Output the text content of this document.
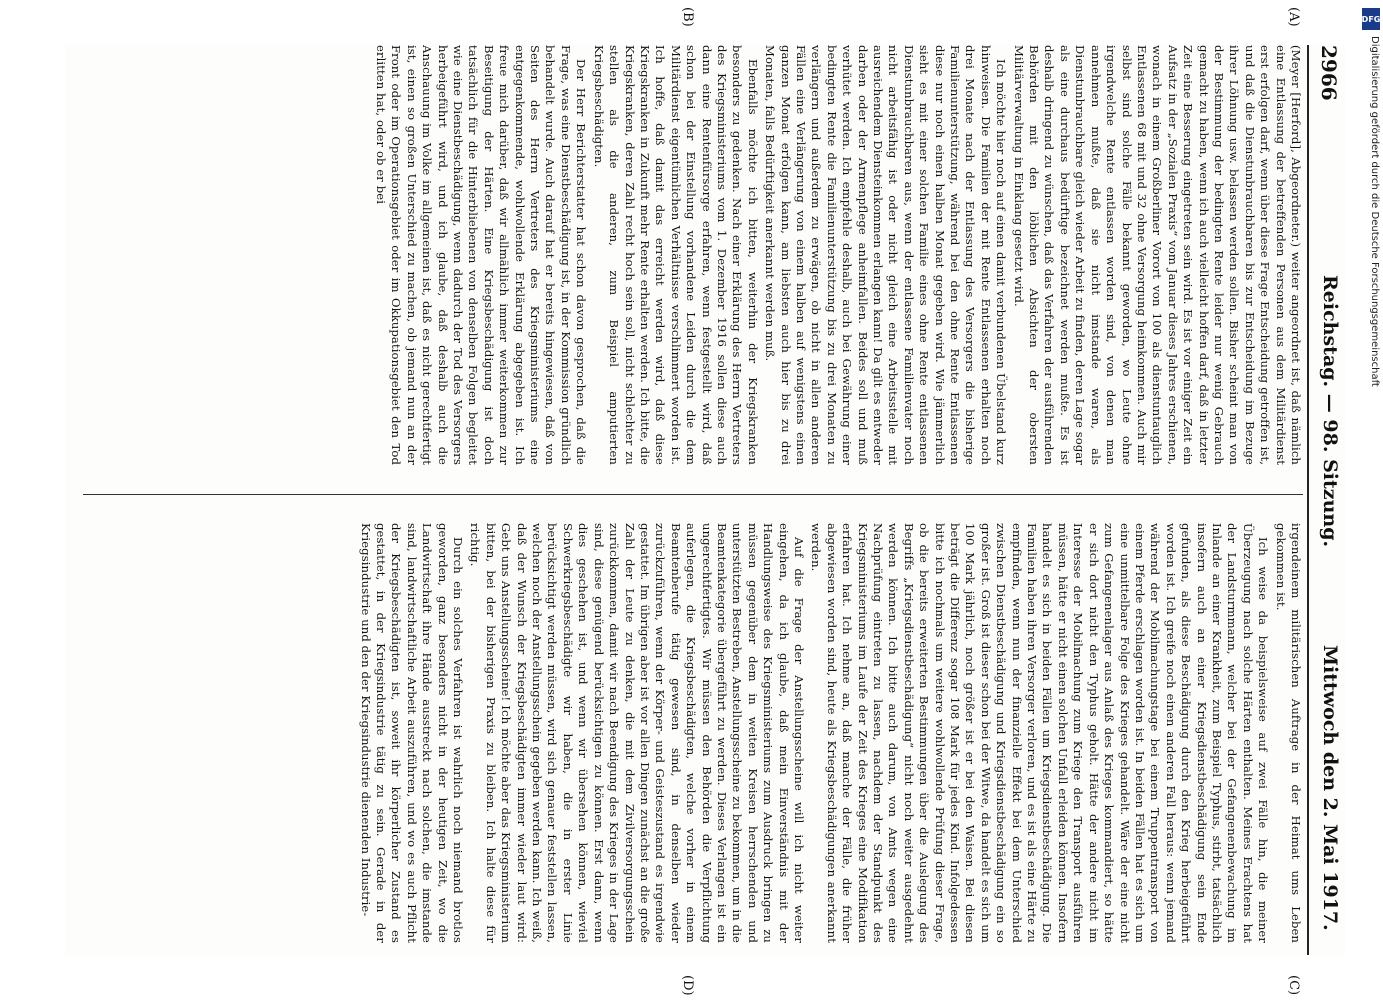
2966
Reichstag. — 98. Sitzung.
Mittwoch den 2. Mai 1917.
(A)
(B)
(C)
(D)

(Meyer [Herford], Abgeordneter.) weiter angeordnet ist, daß nämlich eine Entlassung der betreffenden Personen aus dem Militärdienst erst erfolgen darf, wenn über diese Frage Entscheidung getroffen ist, und daß die Dienstunbrauchbaren bis zur Entscheidung im Bezuge ihrer Löhnung usw. belassen werden sollen. Bisher scheint man von der Bestimmung der bedingten Rente leider nur wenig Gebrauch gemacht zu haben, wenn ich auch vielleicht hoffen darf, daß in letzter Zeit eine Besserung eingetreten sein wird. Es ist vor einiger Zeit ein Aufsatz in der „Sozialen Praxis“ vom Januar dieses Jahres erschienen, wonach in einem Großberliner Vorort von 100 als dienstuntauglich Entlassenen 68 mit und 32 ohne Versorgung heimkommen. Auch mir selbst sind solche Fälle bekannt geworden, wo Leute ohne irgendwelche Rente entlassen worden sind, von denen man annehmen mußte, daß sie nicht imstande waren, als Dienstunbrauchbare gleich wieder Arbeit zu finden, deren Lage sogar als eine durchaus bedürftige bezeichnet werden mußte. Es ist deshalb dringend zu wünschen, daß das Verfahren der ausführenden Behörden mit den löblichen Absichten der obersten Militärverwaltung in Einklang gesetzt wird.

Ich möchte hier noch auf einen damit verbundenen Übelstand kurz hinweisen. Die Familien der mit Rente Entlassenen erhalten noch drei Monate nach der Entlassung des Versorgers die bisherige Familienunterstützung, während bei den ohne Rente Entlassenen diese nur noch einen halben Monat gegeben wird. Wie jämmerlich sieht es mit einer solchen Familie eines ohne Rente entlassenen Dienstunbrauchbaren aus, wenn der entlassene Familienvater noch nicht arbeitsfähig ist oder nicht gleich eine Arbeitsstelle mit ausreichendem Diensteinkommen erlangen kann! Da gilt es entweder darben oder der Armenpflege anheimfallen. Beides soll und muß verhütet werden. Ich empfehle deshalb, auch bei Gewährung einer bedingten Rente die Familienunterstützung bis zu drei Monaten zu verlängern und außerdem zu erwägen, ob nicht in allen anderen Fällen eine Verlängerung von einem halben auf wenigstens einen ganzen Monat erfolgen kann, am liebsten auch hier bis zu drei Monaten, falls Bedürftigkeit anerkannt werden muß.

Ebenfalls möchte ich bitten, weiterhin der Kriegskranken besonders zu gedenken. Nach einer Erklärung des Herrn Vertreters des Kriegsministeriums vom 1. Dezember 1916 sollen diese auch dann eine Rentenfürsorge erfahren, wenn festgestellt wird, daß schon bei der Einstellung vorhandene Leiden durch die dem Militärdienst eigentümlichen Verhältnisse verschlimmert worden ist. Ich hoffe, daß damit das erreicht werden wird, daß diese Kriegskranken in Zukunft mehr Rente erhalten werden. Ich bitte, die Kriegskranken, deren Zahl recht hoch sein soll, nicht schlechter zu stellen als die anderen, zum Beispiel amputierten Kriegsbeschädigten.

Der Herr Berichterstatter hat schon davon gesprochen, daß die Frage, was eine Dienstbeschädigung ist, in der Kommission gründlich behandelt wurde. Auch darauf hat er bereits hingewiesen, daß von Seiten des Herrn Vertreters des Kriegsministeriums eine entgegenkommende, wohlwollende Erklärung abgegeben ist. Ich freue mich darüber, daß wir allmählich immer weiterkommen zur Beseitigung der Härten. Eine Kriegsbeschädigung ist doch tatsächlich für die Hinterbliebenen von denselben Folgen begleitet wie eine Dienstbeschädigung, wenn dadurch der Tod des Versorgers herbeigeführt wird, und ich glaube, daß deshalb auch die Anschauung im Volke im allgemeinen ist, daß es nicht gerechtfertigt ist, einen so großen Unterschied zu machen, ob jemand nun an der Front oder im Operationsgebiet oder im Okkupationsgebiet den Tod erlitten hat, oder ob er bei

irgendeinem militärischen Auftrage in der Heimat ums Leben gekommen ist.

Ich weise da beispielsweise auf zwei Fälle hin, die meiner Überzeugung nach solche Härten enthalten. Meines Erachtens hat der Landsturmmann, welcher bei der Gefangenenbewachung im Inlande an einer Krankheit, zum Beispiel Typhus, stirbt, tatsächlich insofern auch an einer Kriegsdienstbeschädigung sein Ende gefunden, als diese Beschädigung durch den Krieg herbeigeführt worden ist. Ich greife noch einen anderen Fall heraus: wenn jemand während der Mobilmachungstage bei einem Truppentransport von einem Pferde erschlagen worden ist. In beiden Fällen hat es sich um eine unmittelbare Folge des Krieges gehandelt. Wäre der eine nicht zum Gefangenenlager aus Anlaß des Krieges kommandiert, so hätte er sich dort nicht den Typhus geholt. Hätte der andere nicht im Interesse der Mobilmachung zum Kriege den Transport ausführen müssen, hätte er nicht einen solchen Unfall erleiden können. Insofern handelt es sich in beiden Fällen um Kriegsdienstbeschädigung. Die Familien haben ihren Versorger verloren, und es ist als eine Härte zu empfinden, wenn nun der finanzielle Effekt bei dem Unterschied zwischen Dienstbeschädigung und Kriegsdienstbeschädigung ein so großer ist. Groß ist dieser schon bei der Witwe, da handelt es sich um 100 Mark jährlich, noch größer ist er bei den Waisen. Bei diesen beträgt die Differenz sogar 108 Mark für jedes Kind. Infolgedessen bitte ich nochmals um weitere wohlwollende Prüfung dieser Frage, ob die bereits erweiterten Bestimmungen über die Auslegung des Begriffs „Kriegsdienstbeschädigung“ nicht noch weiter ausgedehnt werden können. Ich bitte auch darum, von Amts wegen eine Nachprüfung eintreten zu lassen, nachdem der Standpunkt des Kriegsministeriums im Laufe der Zeit des Krieges eine Modifikation erfahren hat. Ich nehme an, daß manche der Fälle, die früher abgewiesen worden sind, heute als Kriegsbeschädigungen anerkannt werden.

Auf die Frage der Anstellungsscheine will ich nicht weiter eingehen, da ich glaube, daß mein Einverständnis mit der Handlungsweise des Kriegsministeriums zum Ausdruck bringen zu müssen gegenüber dem in weiten Kreisen herrschenden und unterstützten Bestreben, Anstellungsscheine zu bekommen, um in die Beamtenkategorie übergeführt zu werden. Dieses Verlangen ist ein ungerechtfertigtes. Wir müssen den Behörden die Verpflichtung auferlegen, die Kriegsbeschädigten, welche vorher in einem Beamtenberufe tätig gewesen sind, in denselben wieder zurückzuführen, wenn der Körper- und Geisteszustand es irgendwie gestattet. Im übrigen aber ist vor allen Dingen zunächst an die große Zahl der Leute zu denken, die mit dem Zivilversorgungsschein zurückkommen, damit wir nach Beendigung des Krieges in der Lage sind, diese genügend berücksichtigen zu können. Erst dann, wenn dies geschehen ist, und wenn wir übersehen können, wieviel Schwerkriegsbeschädigte wir haben, die in erster Linie berücksichtigt werden müssen, wird sich genauer feststellen lassen, welchen noch der Anstellungsschein gegeben werden kann. Ich weiß, daß der Wunsch der Kriegsbeschädigten immer wieder laut wird: Gebt uns Anstellungsscheine! Ich möchte aber das Kriegsministerium bitten, bei der bisherigen Praxis zu bleiben. Ich halte diese für richtig.

Durch ein solches Verfahren ist wahrlich noch niemand brotlos geworden, ganz besonders nicht in der heutigen Zeit, wo die Landwirtschaft ihre Hände ausstreckt nach solchen, die imstande sind, landwirtschaftliche Arbeit auszuführen, und wo es auch Pflicht der Kriegsbeschädigten ist, soweit ihr körperlicher Zustand es gestattet, in der Kriegsindustrie tätig zu sein. Gerade in der Kriegsindustrie und den der Kriegsindustrie dienenden Industrie-

DFG
Digitalisierung gefördert durch die Deutsche Forschungsgemeinschaft
